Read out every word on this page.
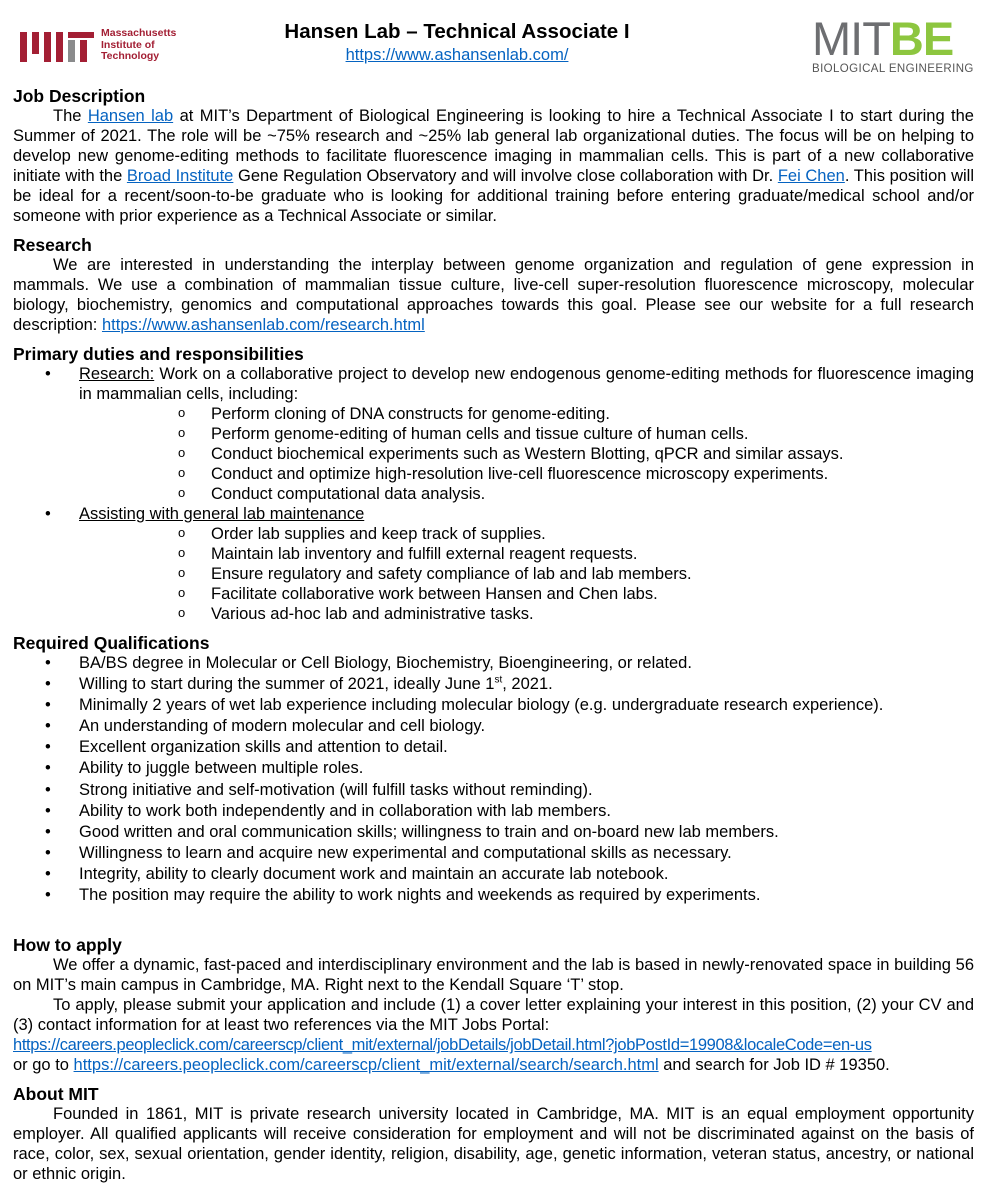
Massachusetts
Institute of
Technology
Hansen Lab – Technical Associate I
https://www.ashansenlab.com/	MITBE
BIOLOGICAL ENGINEERING
Job Description

The Hansen lab at MIT’s Department of Biological Engineering is looking to hire a Technical Associate I to start during the Summer of 2021. The role will be ~75% research and ~25% lab general lab organizational duties. The focus will be on helping to develop new genome-editing methods to facilitate fluorescence imaging in mammalian cells. This is part of a new collaborative initiate with the Broad Institute Gene Regulation Observatory and will involve close collaboration with Dr. Fei Chen. This position will be ideal for a recent/soon-to-be graduate who is looking for additional training before entering graduate/medical school and/or someone with prior experience as a Technical Associate or similar.

Research

We are interested in understanding the interplay between genome organization and regulation of gene expression in mammals. We use a combination of mammalian tissue culture, live-cell super-resolution fluorescence microscopy, molecular biology, biochemistry, genomics and computational approaches towards this goal. Please see our website for a full research description: https://www.ashansenlab.com/research.html

Primary duties and responsibilities
• Research: Work on a collaborative project to develop new endogenous genome-editing methods for fluorescence imaging in mammalian cells, including:
o Perform cloning of DNA constructs for genome-editing.
o Perform genome-editing of human cells and tissue culture of human cells.
o Conduct biochemical experiments such as Western Blotting, qPCR and similar assays.
o Conduct and optimize high-resolution live-cell fluorescence microscopy experiments.
o Conduct computational data analysis.
• Assisting with general lab maintenance
o Order lab supplies and keep track of supplies.
o Maintain lab inventory and fulfill external reagent requests.
o Ensure regulatory and safety compliance of lab and lab members.
o Facilitate collaborative work between Hansen and Chen labs.
o Various ad-hoc lab and administrative tasks.
Required Qualifications
• BA/BS degree in Molecular or Cell Biology, Biochemistry, Bioengineering, or related.
• Willing to start during the summer of 2021, ideally June 1st, 2021.
• Minimally 2 years of wet lab experience including molecular biology (e.g. undergraduate research experience).
• An understanding of modern molecular and cell biology.
• Excellent organization skills and attention to detail.
• Ability to juggle between multiple roles.
• Strong initiative and self-motivation (will fulfill tasks without reminding).
• Ability to work both independently and in collaboration with lab members.
• Good written and oral communication skills; willingness to train and on-board new lab members.
• Willingness to learn and acquire new experimental and computational skills as necessary.
• Integrity, ability to clearly document work and maintain an accurate lab notebook.
• The position may require the ability to work nights and weekends as required by experiments.
How to apply

We offer a dynamic, fast-paced and interdisciplinary environment and the lab is based in newly-renovated space in building 56 on MIT’s main campus in Cambridge, MA. Right next to the Kendall Square ‘T’ stop.

To apply, please submit your application and include (1) a cover letter explaining your interest in this position, (2) your CV and (3) contact information for at least two references via the MIT Jobs Portal:

https://careers.peopleclick.com/careerscp/client_mit/external/jobDetails/jobDetail.html?jobPostId=19908&localeCode=en-us
or go to https://careers.peopleclick.com/careerscp/client_mit/external/search/search.html and search for Job ID # 19350.
About MIT

Founded in 1861, MIT is private research university located in Cambridge, MA. MIT is an equal employment opportunity employer. All qualified applicants will receive consideration for employment and will not be discriminated against on the basis of race, color, sex, sexual orientation, gender identity, religion, disability, age, genetic information, veteran status, ancestry, or national or ethnic origin.
